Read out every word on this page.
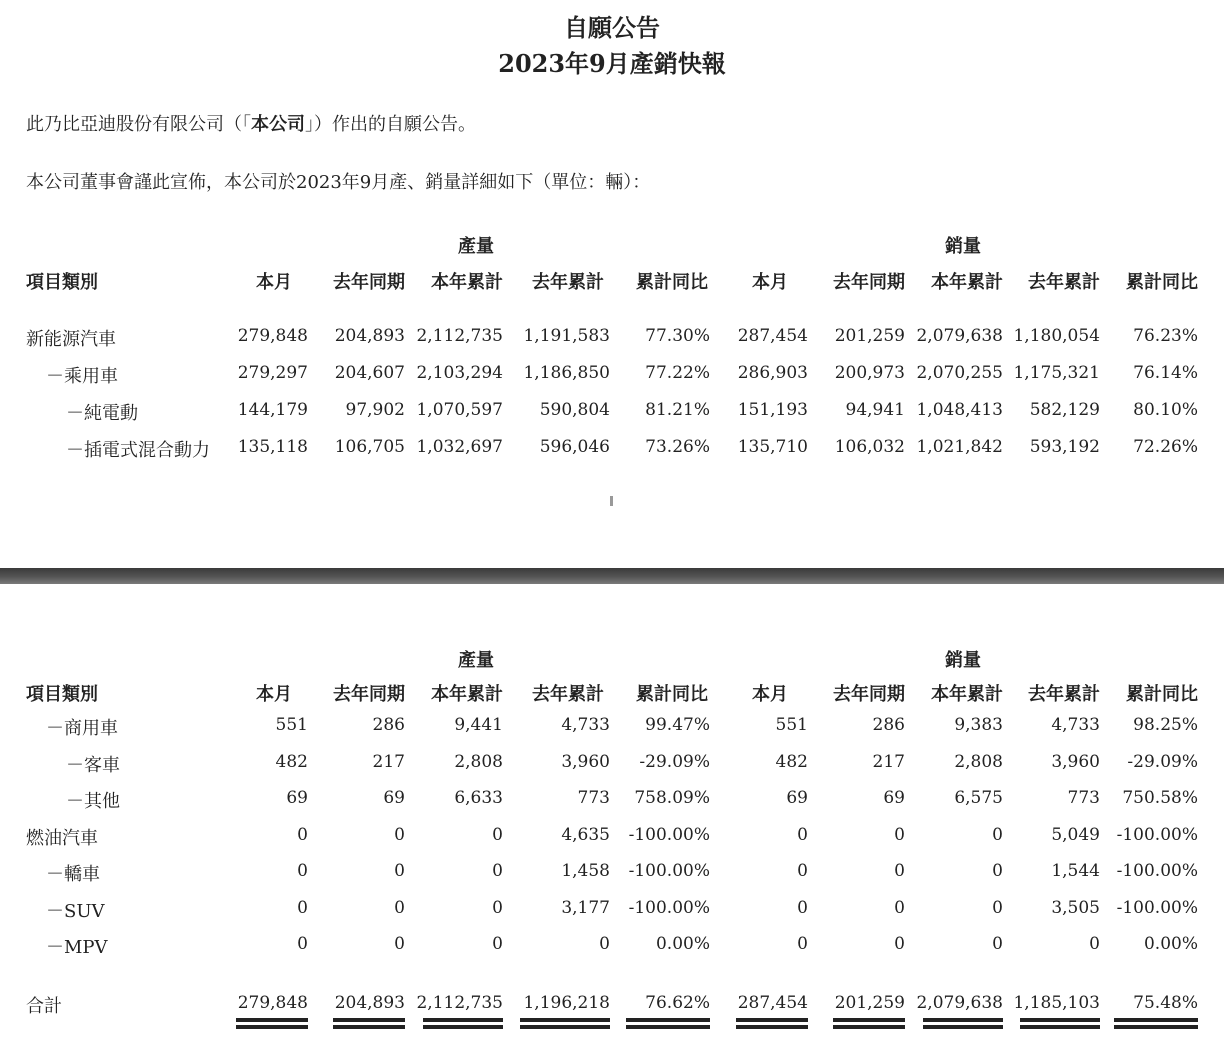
自願公告
2023年9月產銷快報
此乃比亞迪股份有限公司（「本公司」）作出的自願公告。
本公司董事會謹此宣佈，本公司於2023年9月產、銷量詳細如下（單位：輛）：
產量	銷量
項目類別	本月 去年同期 本年累計 去年累計 累計同比 本月	去年同期 本年累計 去年累計 累計同比
新能源汽車	279,848 204,893 2,112,735 1,191,583 77.30% 287,454 201,259 2,079,638 1,180,054 76.23%
－乘用車	279,297 204,607 2,103,294 1,186,850 77.22% 286,903 200,973 2,070,255 1,175,321 76.14%
－純電動	144,179 97,902 1,070,597 590,804 81.21% 151,193 94,941 1,048,413 582,129 80.10%
－插電式混合動力 135,118 106,705 1,032,697 596,046 73.26% 135,710 106,032 1,021,842 593,192 72.26%
產量	銷量
項目類別	本月 去年同期 本年累計 去年累計 累計同比 本月	去年同期 本年累計 去年累計 累計同比
－商用車	551	286	9,441	4,733 99.47%	551	286	9,383	4,733 98.25%
－客車	482	217	2,808	3,960 -29.09%	482	217	2,808	3,960 -29.09%
－其他	69	69	6,633	773 758.09%	69	69	6,575	773 750.58%
燃油汽車	0	0	0	4,635 -100.00%	0	0	0	5,049 -100.00%
－轎車	0	0	0	1,458 -100.00%	0	0	0	1,544 -100.00%
－SUV	0	0	0	3,177 -100.00%	0	0	0	3,505 -100.00%
－MPV	0	0	0	0	0.00%	0	0	0	0	0.00%
合計	279,848 204,893 2,112,735 1,196,218 76.62% 287,454 201,259 2,079,638 1,185,103 75.48%
